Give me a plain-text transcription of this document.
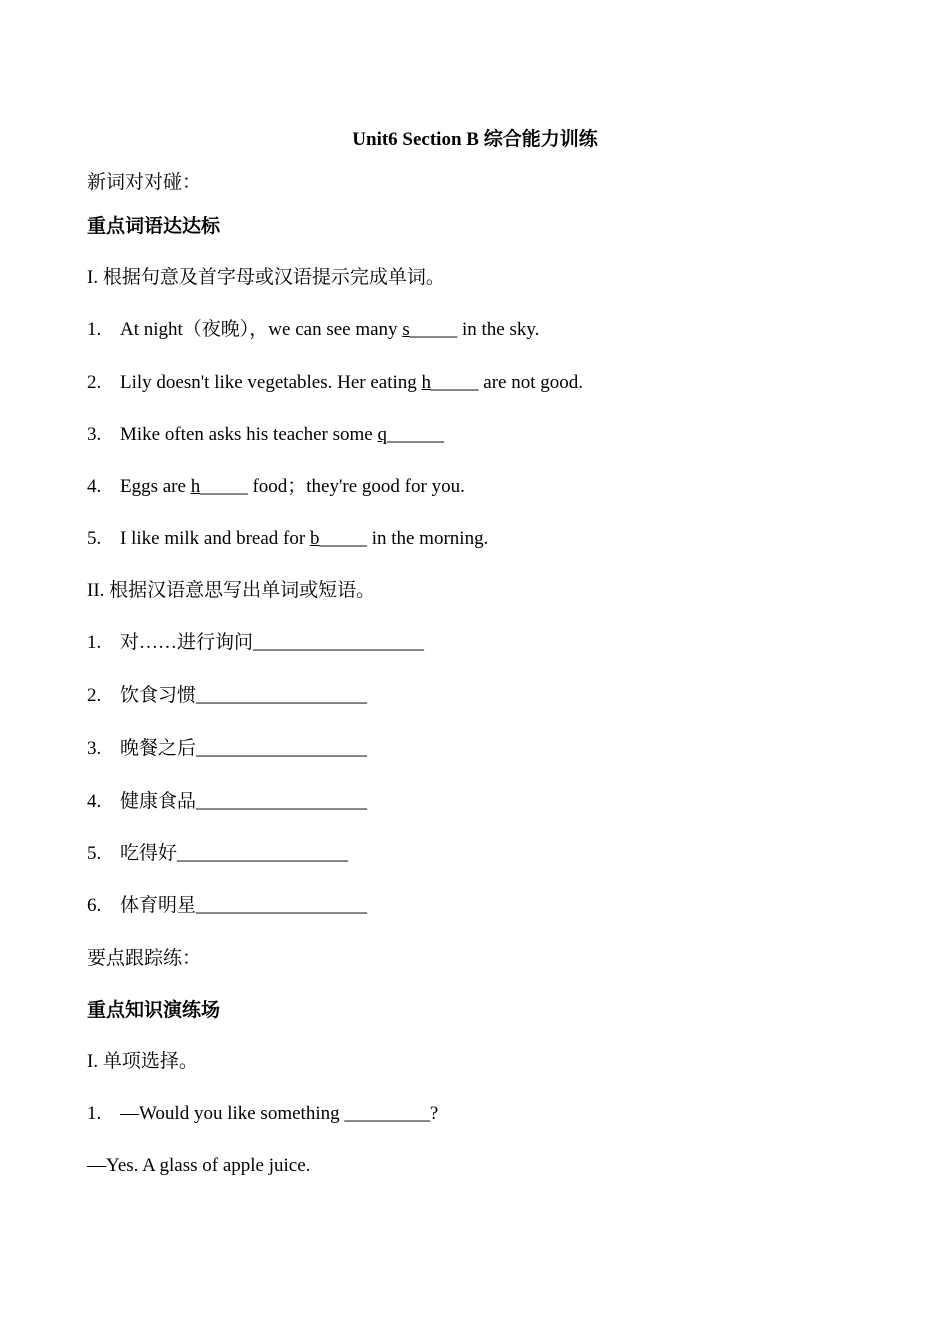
Unit6 Section B 综合能力训练
新词对对碰：
重点词语达达标
I. 根据句意及首字母或汉语提示完成单词。
1. At night（夜晚），we can see many s_____ in the sky.
2. Lily doesn't like vegetables. Her eating h_____ are not good.
3. Mike often asks his teacher some q______
4. Eggs are h_____ food；they're good for you.
5. I like milk and bread for b_____ in the morning.
II. 根据汉语意思写出单词或短语。
1. 对……进行询问__________________
2. 饮食习惯__________________
3. 晚餐之后__________________
4. 健康食品__________________
5. 吃得好__________________
6. 体育明星__________________
要点跟踪练：
重点知识演练场
I. 单项选择。
1. —Would you like something _________?
—Yes. A glass of apple juice.
